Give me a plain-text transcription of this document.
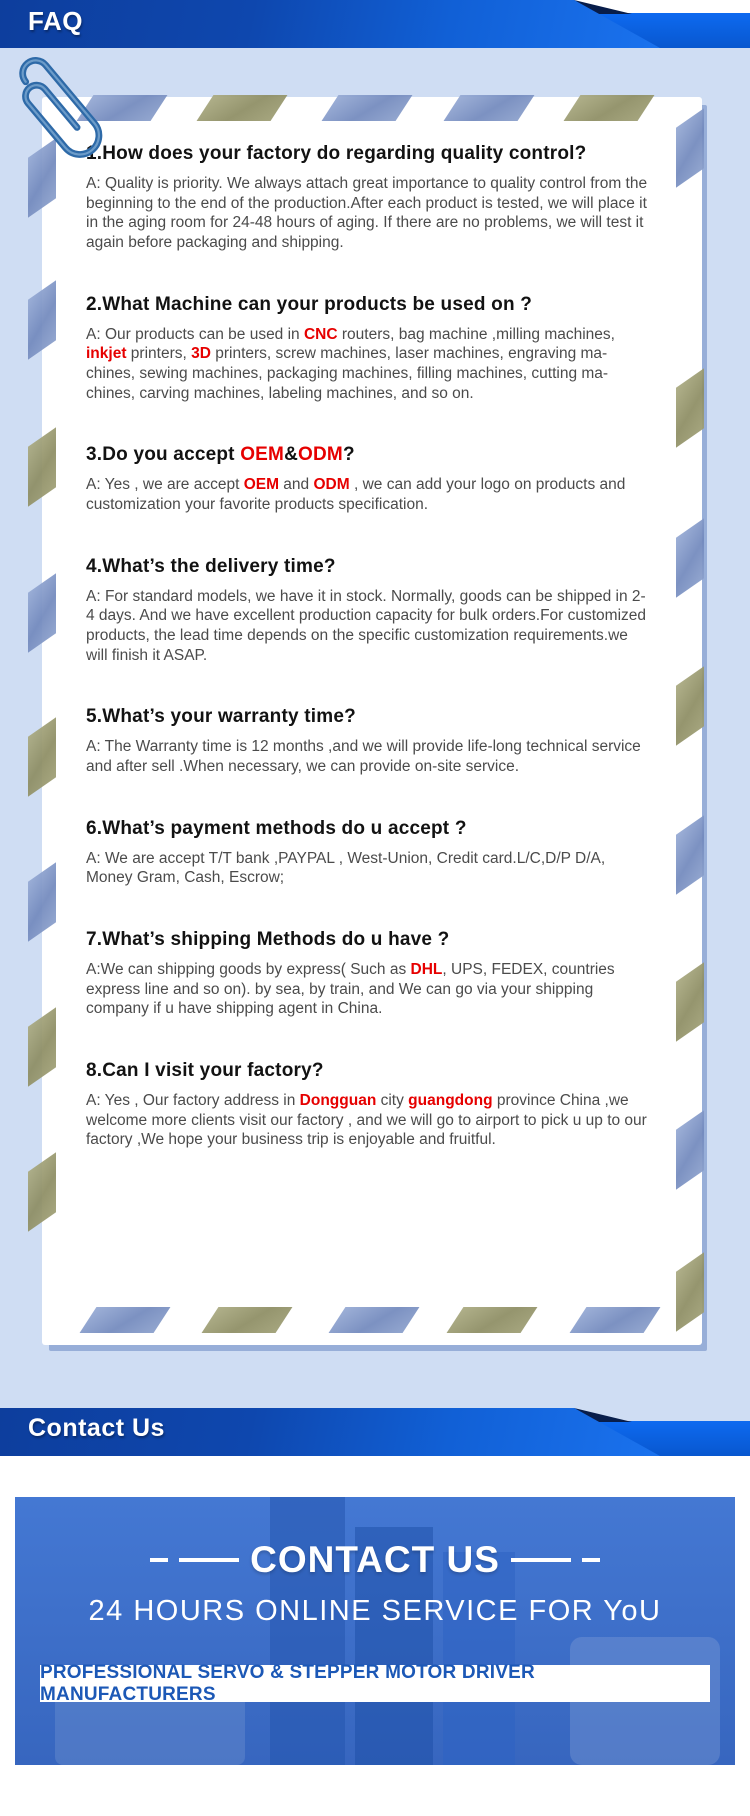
FAQ
1.How does your factory do regarding quality control?
A: Quality is priority. We always attach great importance to quality control from the beginning to the end of the production.After each product is tested, we will place it in the aging room for 24-48 hours of aging. If there are no problems, we will test it again before packaging and shipping.
2.What Machine can your products be used on ?
A: Our products can be used in CNC routers, bag machine ,milling machines, inkjet printers, 3D printers, screw machines, laser machines, engraving ma-chines, sewing machines, packaging machines, filling machines, cutting ma-chines, carving machines, labeling machines, and so on.
3.Do you accept OEM&ODM?
A: Yes , we are accept OEM and ODM , we can add your logo on products and customization your favorite products specification.
4.What’s the delivery time?
A: For standard models, we have it in stock. Normally, goods can be shipped in 2-4 days. And we have excellent production capacity for bulk orders.For customized products, the lead time depends on the specific customization requirements.we will finish it ASAP.
5.What’s your warranty time?
A: The Warranty time is 12 months ,and we will provide life-long technical service and after sell .When necessary, we can provide on-site service.
6.What’s payment methods do u accept ?
A: We are accept T/T bank ,PAYPAL , West-Union, Credit card.L/C,D/P D/A, Money Gram, Cash, Escrow;
7.What’s shipping Methods do u have ?
A:We can shipping goods by express( Such as DHL, UPS, FEDEX, countries express line and so on). by sea, by train, and We can go via your shipping company if u have shipping agent in China.
8.Can I visit your factory?
A: Yes , Our factory address in Dongguan city guangdong province China ,we welcome more clients visit our factory , and we will go to airport to pick u up to our factory ,We hope your business trip is enjoyable and fruitful.
Contact Us
CONTACT US
24 HOURS ONLINE SERVICE FOR YoU
PROFESSIONAL SERVO & STEPPER MOTOR DRIVER MANUFACTURERS
